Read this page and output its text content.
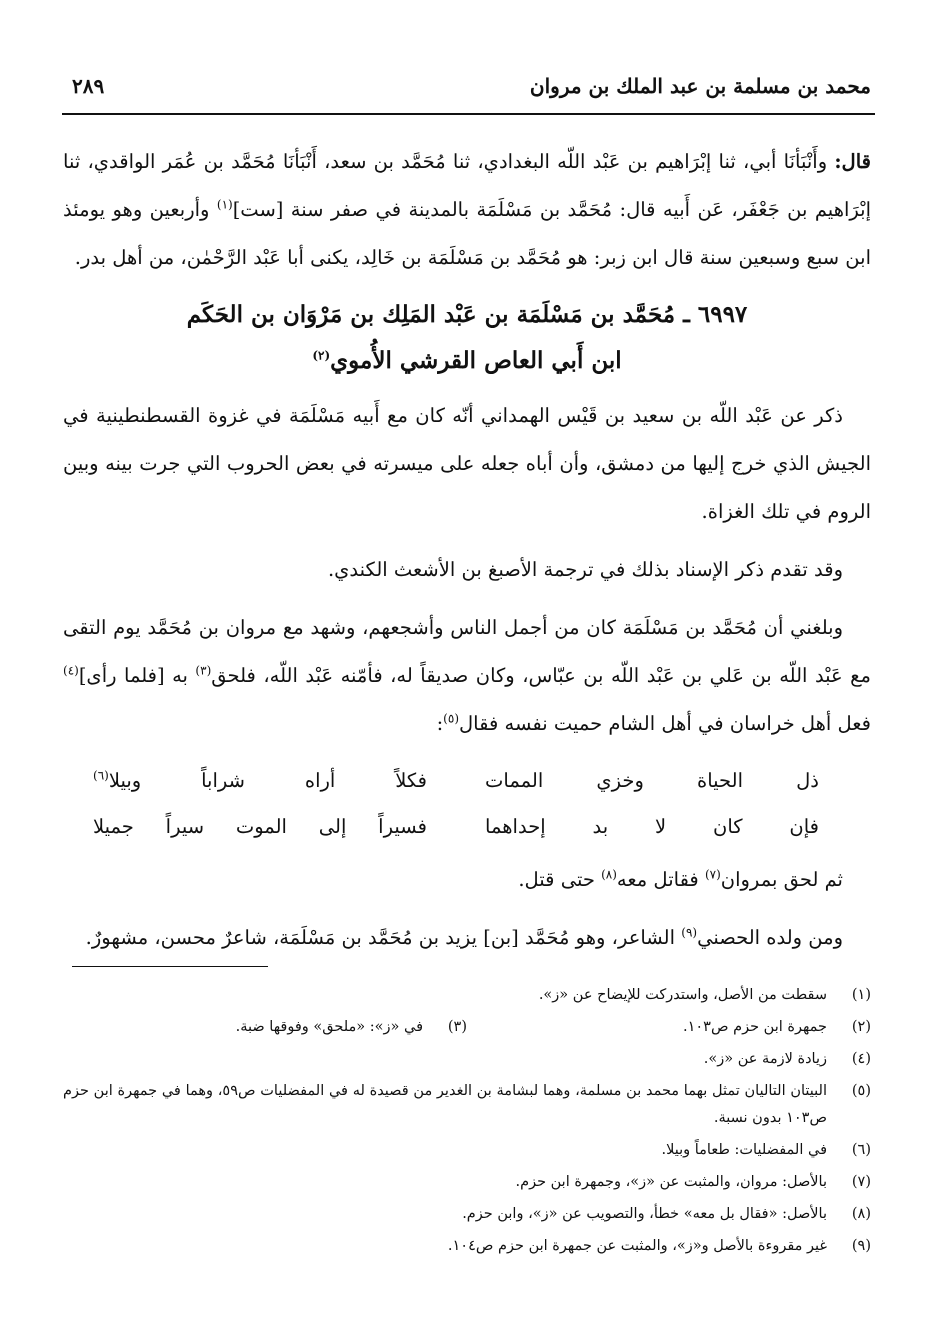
محمد بن مسلمة بن عبد الملك بن مروان
٢٨٩

قال: وأَنْبَأنَا أبي، ثنا إبْرَاهيم بن عَبْد اللّه البغدادي، ثنا مُحَمَّد بن سعد، أَنْبَأنَا مُحَمَّد بن عُمَر الواقدي، ثنا إبْرَاهيم بن جَعْفَر، عَن أَبيه قال: مُحَمَّد بن مَسْلَمَة بالمدينة في صفر سنة [ست]$^{(١)}$ وأربعين وهو يومئذ ابن سبع وسبعين سنة قال ابن زبر: هو مُحَمَّد بن مَسْلَمَة بن خَالِد، يكنى أبا عَبْد الرَّحْمٰن، من أهل بدر.

٦٩٩٧ ـ مُحَمَّد بن مَسْلَمَة بن عَبْد المَلِك بن مَرْوَان بن الحَكَم
ابن أَبي العاص القرشي الأُموي$^{(٢)}$

ذكر عن عَبْد اللّه بن سعيد بن قَيْس الهمداني أنّه كان مع أَبيه مَسْلَمَة في غزوة القسطنطينية في الجيش الذي خرج إليها من دمشق، وأن أباه جعله على ميسرته في بعض الحروب التي جرت بينه وبين الروم في تلك الغزاة.

وقد تقدم ذكر الإسناد بذلك في ترجمة الأصبغ بن الأشعث الكندي.

وبلغني أن مُحَمَّد بن مَسْلَمَة كان من أجمل الناس وأشجعهم، وشهد مع مروان بن مُحَمَّد يوم التقى مع عَبْد اللّه بن عَلي بن عَبْد اللّه بن عبّاس، وكان صديقاً له، فأمّنه عَبْد اللّه، فلحق$^{(٣)}$ به [فلما رأى]$^{(٤)}$ فعل أهل خراسان في أهل الشام حميت نفسه فقال$^{(٥)}$:

ذل الحياة وخزي الممات
فكلاً أراه شراباً وبيلا$^{(٦)}$
فإن كان لا بد إحداهما
فسيراً إلى الموت سيراً جميلا

ثم لحق بمروان$^{(٧)}$ فقاتل معه$^{(٨)}$ حتى قتل.

ومن ولده الحصني$^{(٩)}$ الشاعر، وهو مُحَمَّد [بن] يزيد بن مُحَمَّد بن مَسْلَمَة، شاعرٌ محسن، مشهورٌ.

(١)
سقطت من الأصل، واستدركت للإيضاح عن «ز».
(٢)
جمهرة ابن حزم ص١٠٣.
(٣)
في «ز»: «ملحق» وفوقها ضبة.
(٤)
زيادة لازمة عن «ز».
(٥)
البيتان التاليان تمثل بهما محمد بن مسلمة، وهما لبشامة بن الغدير من قصيدة له في المفضليات ص٥٩، وهما في جمهرة ابن حزم ص١٠٣ بدون نسبة.
(٦)
في المفضليات: طعاماً وبيلا.
(٧)
بالأصل: مروان، والمثبت عن «ز»، وجمهرة ابن حزم.
(٨)
بالأصل: «فقال بل معه» خطأ، والتصويب عن «ز»، وابن حزم.
(٩)
غير مقروءة بالأصل و«ز»، والمثبت عن جمهرة ابن حزم ص١٠٤.
